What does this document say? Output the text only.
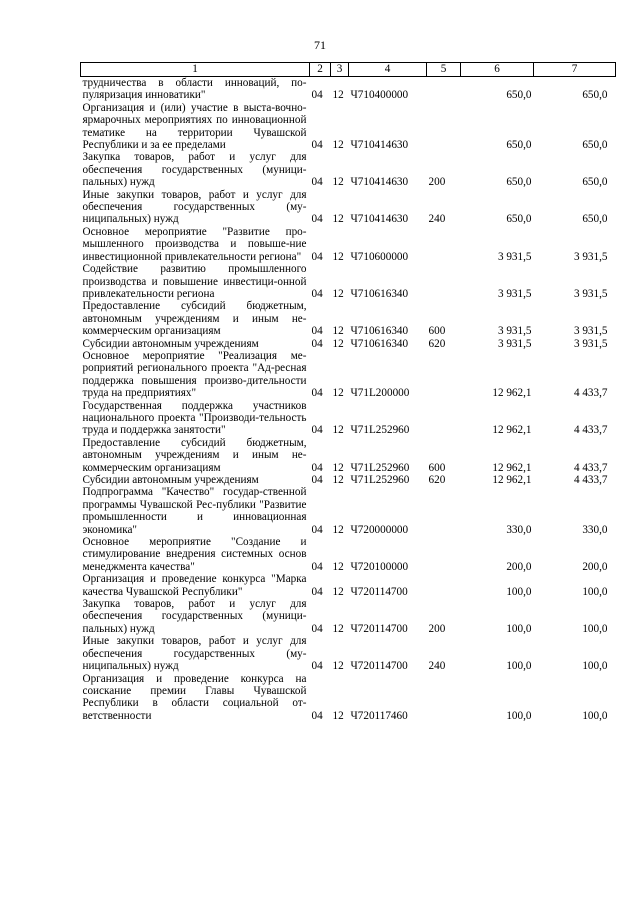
71
1	2	3	4	5	6	7
трудничества в области инноваций, по-пуляризация инноватики"	04	12	Ч710400000		650,0	650,0
Организация и (или) участие в выста-вочно-ярмарочных мероприятиях по инновационной тематике на территории Чувашской Республики и за ее пределами	04	12	Ч710414630		650,0	650,0
Закупка товаров, работ и услуг для обеспечения государственных (муници-пальных) нужд	04	12	Ч710414630	200	650,0	650,0
Иные закупки товаров, работ и услуг для обеспечения государственных (му-ниципальных) нужд	04	12	Ч710414630	240	650,0	650,0
Основное мероприятие "Развитие про-мышленного производства и повыше-ние инвестиционной привлекательности региона"	04	12	Ч710600000		3 931,5	3 931,5
Содействие развитию промышленного производства и повышение инвестици-онной привлекательности региона	04	12	Ч710616340		3 931,5	3 931,5
Предоставление субсидий бюджетным, автономным учреждениям и иным не-коммерческим организациям	04	12	Ч710616340	600	3 931,5	3 931,5
Субсидии автономным учреждениям	04	12	Ч710616340	620	3 931,5	3 931,5
Основное мероприятие "Реализация ме-роприятий регионального проекта "Ад-ресная поддержка повышения произво-дительности труда на предприятиях"	04	12	Ч71L200000		12 962,1	4 433,7
Государственная поддержка участников национального проекта "Производи-тельность труда и поддержка занятости"	04	12	Ч71L252960		12 962,1	4 433,7
Предоставление субсидий бюджетным, автономным учреждениям и иным не-коммерческим организациям	04	12	Ч71L252960	600	12 962,1	4 433,7
Субсидии автономным учреждениям	04	12	Ч71L252960	620	12 962,1	4 433,7
Подпрограмма "Качество" государ-ственной программы Чувашской Рес-публики "Развитие промышленности и инновационная экономика"	04	12	Ч720000000		330,0	330,0
Основное мероприятие "Создание и стимулирование внедрения системных основ менеджмента качества"	04	12	Ч720100000		200,0	200,0
Организация и проведение конкурса "Марка качества Чувашской Республики"	04	12	Ч720114700		100,0	100,0
Закупка товаров, работ и услуг для обеспечения государственных (муници-пальных) нужд	04	12	Ч720114700	200	100,0	100,0
Иные закупки товаров, работ и услуг для обеспечения государственных (му-ниципальных) нужд	04	12	Ч720114700	240	100,0	100,0
Организация и проведение конкурса на соискание премии Главы Чувашской Республики в области социальной от-ветственности	04	12	Ч720117460		100,0	100,0
